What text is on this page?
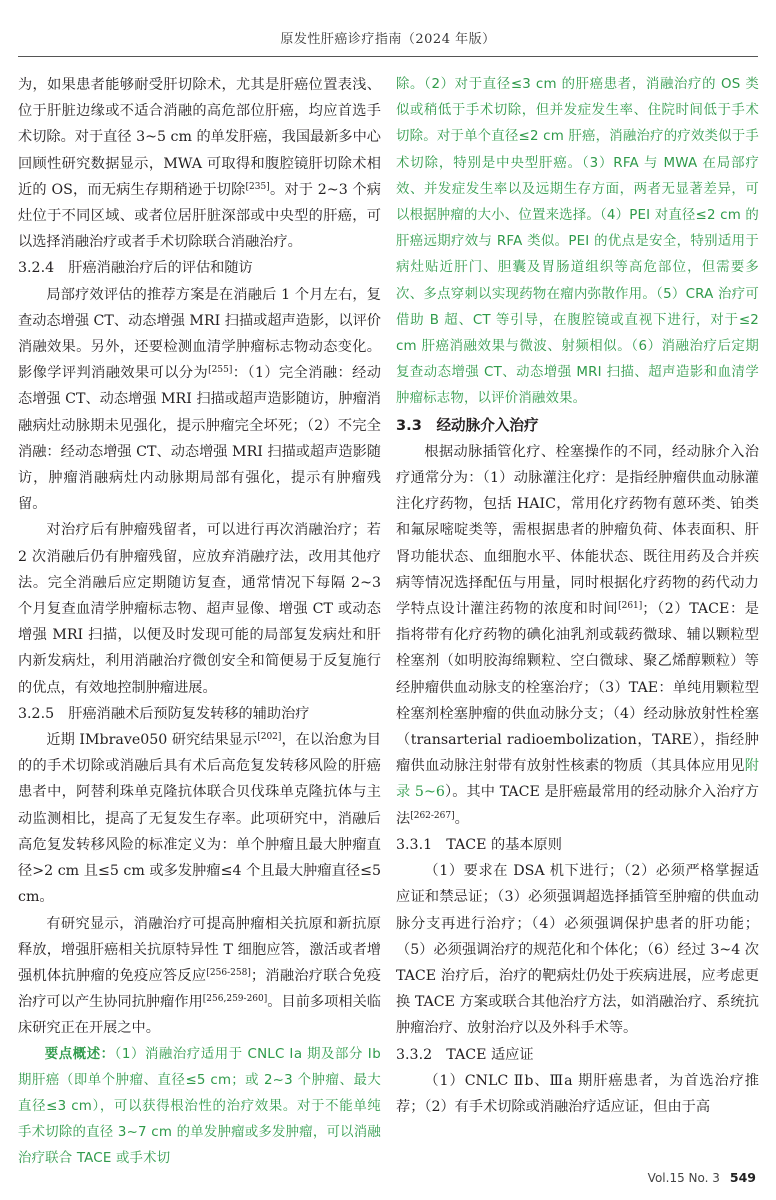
原发性肝癌诊疗指南（2024 年版）

为，如果患者能够耐受肝切除术，尤其是肝癌位置表浅、位于肝脏边缘或不适合消融的高危部位肝癌，均应首选手术切除。对于直径 3~5 cm 的单发肝癌，我国最新多中心回顾性研究数据显示，MWA 可取得和腹腔镜肝切除术相近的 OS，而无病生存期稍逊于切除[235]。对于 2~3 个病灶位于不同区域、或者位居肝脏深部或中央型的肝癌，可以选择消融治疗或者手术切除联合消融治疗。

3.2.4　肝癌消融治疗后的评估和随访

局部疗效评估的推荐方案是在消融后 1 个月左右，复查动态增强 CT、动态增强 MRI 扫描或超声造影，以评价消融效果。另外，还要检测血清学肿瘤标志物动态变化。影像学评判消融效果可以分为[255]：（1）完全消融：经动态增强 CT、动态增强 MRI 扫描或超声造影随访，肿瘤消融病灶动脉期未见强化，提示肿瘤完全坏死；（2）不完全消融：经动态增强 CT、动态增强 MRI 扫描或超声造影随访，肿瘤消融病灶内动脉期局部有强化，提示有肿瘤残留。

对治疗后有肿瘤残留者，可以进行再次消融治疗；若 2 次消融后仍有肿瘤残留，应放弃消融疗法，改用其他疗法。完全消融后应定期随访复查，通常情况下每隔 2~3 个月复查血清学肿瘤标志物、超声显像、增强 CT 或动态增强 MRI 扫描，以便及时发现可能的局部复发病灶和肝内新发病灶，利用消融治疗微创安全和简便易于反复施行的优点，有效地控制肿瘤进展。

3.2.5　肝癌消融术后预防复发转移的辅助治疗

近期 IMbrave050 研究结果显示[202]，在以治愈为目的的手术切除或消融后具有术后高危复发转移风险的肝癌患者中，阿替利珠单克隆抗体联合贝伐珠单克隆抗体与主动监测相比，提高了无复发生存率。此项研究中，消融后高危复发转移风险的标准定义为：单个肿瘤且最大肿瘤直径>2 cm 且≤5 cm 或多发肿瘤≤4 个且最大肿瘤直径≤5 cm。

有研究显示，消融治疗可提高肿瘤相关抗原和新抗原释放，增强肝癌相关抗原特异性 T 细胞应答，激活或者增强机体抗肿瘤的免疫应答反应[256-258]；消融治疗联合免疫治疗可以产生协同抗肿瘤作用[256,259-260]。目前多项相关临床研究正在开展之中。

要点概述：（1）消融治疗适用于 CNLC Ⅰa 期及部分 Ⅰb 期肝癌（即单个肿瘤、直径≤5 cm；或 2~3 个肿瘤、最大直径≤3 cm），可以获得根治性的治疗效果。对于不能单纯手术切除的直径 3~7 cm 的单发肿瘤或多发肿瘤，可以消融治疗联合 TACE 或手术切

除。（2）对于直径≤3 cm 的肝癌患者，消融治疗的 OS 类似或稍低于手术切除，但并发症发生率、住院时间低于手术切除。对于单个直径≤2 cm 肝癌，消融治疗的疗效类似于手术切除，特别是中央型肝癌。（3）RFA 与 MWA 在局部疗效、并发症发生率以及远期生存方面，两者无显著差异，可以根据肿瘤的大小、位置来选择。（4）PEI 对直径≤2 cm 的肝癌远期疗效与 RFA 类似。PEI 的优点是安全，特别适用于病灶贴近肝门、胆囊及胃肠道组织等高危部位，但需要多次、多点穿刺以实现药物在瘤内弥散作用。（5）CRA 治疗可借助 B 超、CT 等引导，在腹腔镜或直视下进行，对于≤2 cm 肝癌消融效果与微波、射频相似。（6）消融治疗后定期复查动态增强 CT、动态增强 MRI 扫描、超声造影和血清学肿瘤标志物，以评价消融效果。

3.3　经动脉介入治疗

根据动脉插管化疗、栓塞操作的不同，经动脉介入治疗通常分为：（1）动脉灌注化疗：是指经肿瘤供血动脉灌注化疗药物，包括 HAIC，常用化疗药物有蒽环类、铂类和氟尿嘧啶类等，需根据患者的肿瘤负荷、体表面积、肝肾功能状态、血细胞水平、体能状态、既往用药及合并疾病等情况选择配伍与用量，同时根据化疗药物的药代动力学特点设计灌注药物的浓度和时间[261]；（2）TACE：是指将带有化疗药物的碘化油乳剂或载药微球、辅以颗粒型栓塞剂（如明胶海绵颗粒、空白微球、聚乙烯醇颗粒）等经肿瘤供血动脉支的栓塞治疗；（3）TAE：单纯用颗粒型栓塞剂栓塞肿瘤的供血动脉分支；（4）经动脉放射性栓塞（transarterial radioembolization，TARE），指经肿瘤供血动脉注射带有放射性核素的物质（其具体应用见附录 5~6）。其中 TACE 是肝癌最常用的经动脉介入治疗方法[262-267]。

3.3.1　TACE 的基本原则

（1）要求在 DSA 机下进行；（2）必须严格掌握适应证和禁忌证；（3）必须强调超选择插管至肿瘤的供血动脉分支再进行治疗；（4）必须强调保护患者的肝功能；（5）必须强调治疗的规范化和个体化；（6）经过 3~4 次 TACE 治疗后，治疗的靶病灶仍处于疾病进展，应考虑更换 TACE 方案或联合其他治疗方法，如消融治疗、系统抗肿瘤治疗、放射治疗以及外科手术等。

3.3.2　TACE 适应证

（1）CNLC Ⅱb、Ⅲa 期肝癌患者，为首选治疗推荐；（2）有手术切除或消融治疗适应证，但由于高

Vol.15 No. 3 549
